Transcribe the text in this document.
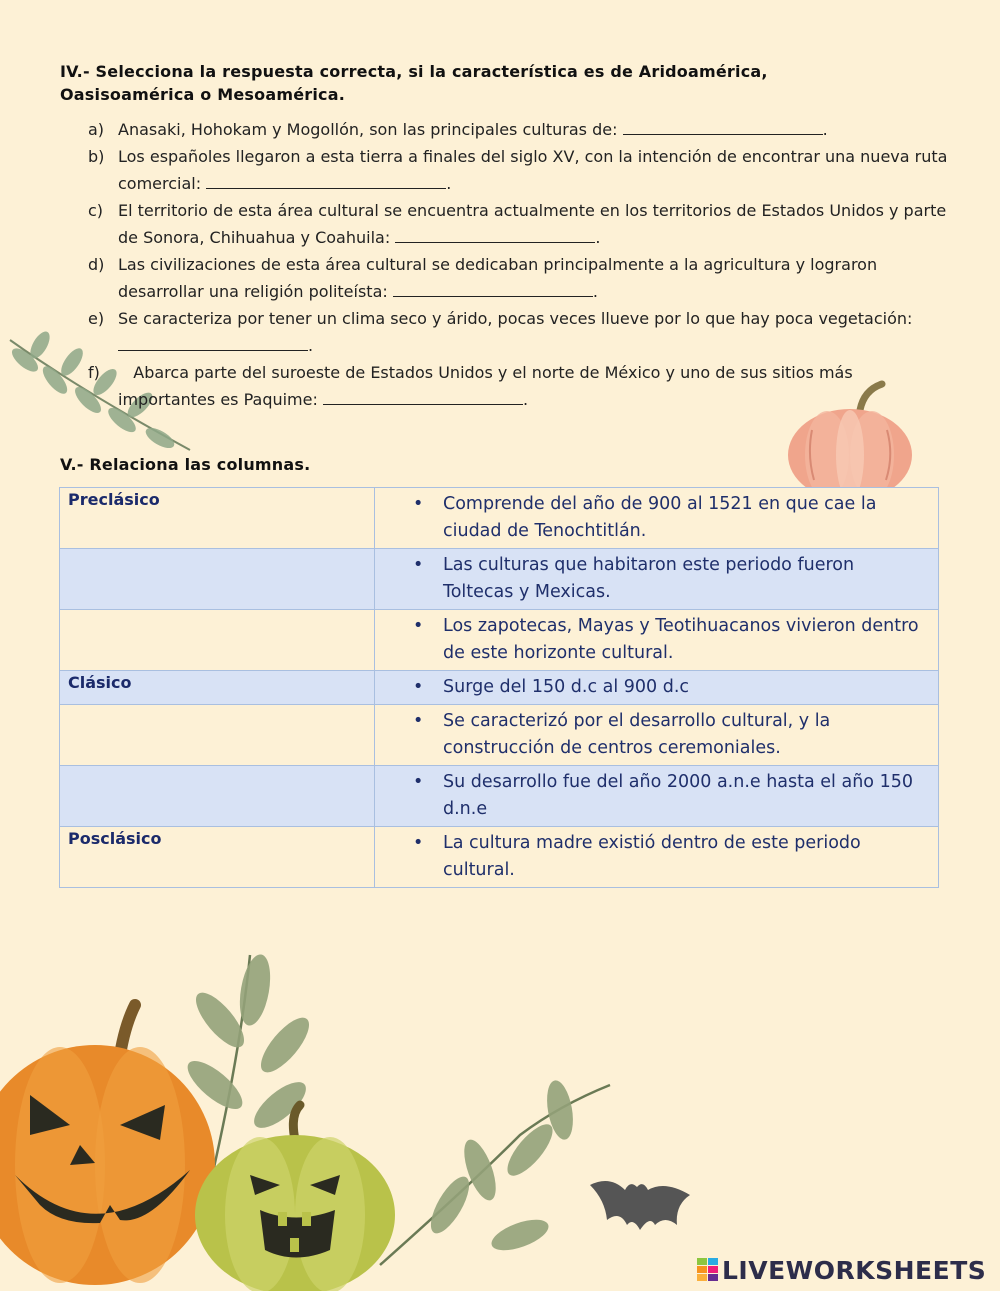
IV.- Selecciona la respuesta correcta, si la característica es de Aridoamérica, Oasisoamérica o Mesoamérica.
a) Anasaki, Hohokam y Mogollón, son las principales culturas de:	.
b) Los españoles llegaron a esta tierra a finales del siglo XV, con la intención de encontrar una nueva ruta comercial:	.
c) El territorio de esta área cultural se encuentra actualmente en los territorios de Estados Unidos y parte de Sonora, Chihuahua y Coahuila:	.
d) Las civilizaciones de esta área cultural se dedicaban principalmente a la agricultura y lograron desarrollar una religión politeísta:	.
e) Se caracteriza por tener un clima seco y árido, pocas veces llueve por lo que hay poca vegetación: .
f)	Abarca parte del suroeste de Estados Unidos y el norte de México y uno de sus sitios más importantes es Paquime:	.
V.- Relaciona las columnas.
Preclásico	• Comprende del año de 900 al 1521 en que cae la ciudad de Tenochtitlán.

	• Las culturas que habitaron este periodo fueron Toltecas y Mexicas.

	• Los zapotecas, Mayas y Teotihuacanos vivieron dentro de este horizonte cultural.

Clásico	• Surge del 150 d.c al 900 d.c

	• Se caracterizó por el desarrollo cultural, y la construcción de centros ceremoniales.

	• Su desarrollo fue del año 2000 a.n.e hasta el año 150 d.n.e

Posclásico	• La cultura madre existió dentro de este periodo cultural.
LIVEWORKSHEETS
